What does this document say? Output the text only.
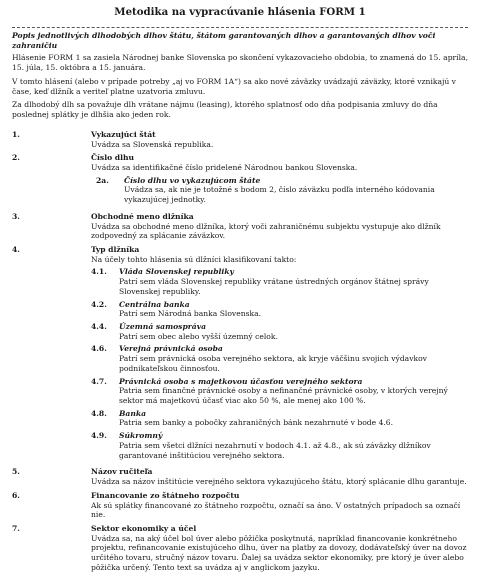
Metodika na vypracúvanie hlásenia FORM 1
Popis jednotlivých dlhodobých dlhov štátu, štátom garantovaných dlhov a garantovaných dlhov voči zahraničiu

Hlásenie FORM 1 sa zasiela Národnej banke Slovenska po skončení vykazovacieho obdobia, to znamená do 15. apríla, 15. júla, 15. októbra a 15. januára.

V tomto hlásení (alebo v prípade potreby „aj vo FORM 1A“) sa ako nové záväzky uvádzajú záväzky, ktoré vznikajú v čase, keď dlžník a veriteľ platne uzatvoria zmluvu.

Za dlhodobý dlh sa považuje dlh vrátane nájmu (leasing), ktorého splatnosť odo dňa podpisania zmluvy do dňa poslednej splátky je dlhšia ako jeden rok.

1.	Vykazujúci štát
Uvádza sa Slovenská republika.
2.	Číslo dlhu
Uvádza sa identifikačné číslo pridelené Národnou bankou Slovenska.
2a.	Číslo dlhu vo vykazujúcom štáte
Uvádza sa, ak nie je totožné s bodom 2, číslo záväzku podľa interného kódovania vykazujúcej jednotky.
3.	Obchodné meno dlžníka
Uvádza sa obchodné meno dlžníka, ktorý voči zahraničnému subjektu vystupuje ako dlžník zodpovedný za splácanie záväzkov.
4.	Typ dlžníka
Na účely tohto hlásenia sú dlžníci klasifikovaní takto:
4.1.	Vláda Slovenskej republiky
Patrí sem vláda Slovenskej republiky vrátane ústredných orgánov štátnej správy Slovenskej republiky.
4.2.	Centrálna banka
Patrí sem Národná banka Slovenska.
4.4.	Územná samospráva
Patrí sem obec alebo vyšší územný celok.
4.6.	Verejná právnická osoba
Patrí sem právnická osoba verejného sektora, ak kryje väčšinu svojich výdavkov podnikateľskou činnosťou.
4.7.	Právnická osoba s majetkovou účasťou verejného sektora
Patria sem finančné právnické osoby a nefinančné právnické osoby, v ktorých verejný sektor má majetkovú účasť viac ako 50 %, ale menej ako 100 %.
4.8.	Banka
Patria sem banky a pobočky zahraničných bánk nezahrnuté v bode 4.6.
4.9.	Súkromný
Patria sem všetci dlžníci nezahrnutí v bodoch 4.1. až 4.8., ak sú záväzky dlžníkov garantované inštitúciou verejného sektora.
5.	Názov ručiteľa
Uvádza sa názov inštitúcie verejného sektora vykazujúceho štátu, ktorý splácanie dlhu garantuje.
6.	Financovanie zo štátneho rozpočtu
Ak sú splátky financované zo štátneho rozpočtu, označí sa áno. V ostatných prípadoch sa označí nie.
7.	Sektor ekonomiky a účel
Uvádza sa, na aký účel bol úver alebo pôžička poskytnutá, napríklad financovanie konkrétneho projektu, refinancovanie existujúceho dlhu, úver na platby za dovozy, dodávateľský úver na dovoz určitého tovaru, stručný názov tovaru. Ďalej sa uvádza sektor ekonomiky, pre ktorý je úver alebo pôžička určený. Tento text sa uvádza aj v anglickom jazyku.
